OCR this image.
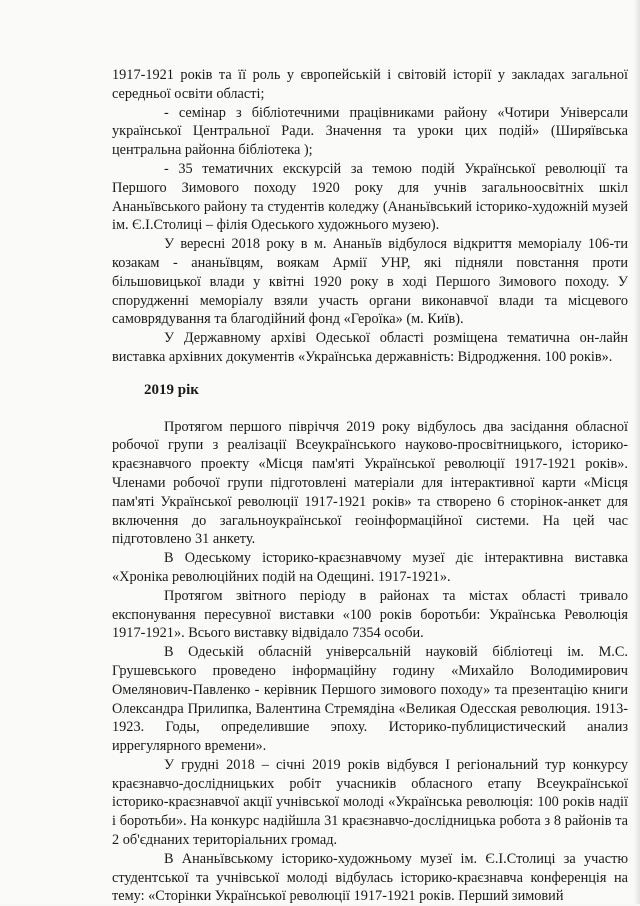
1917-1921 років та її роль у європейській і світовій історії у закладах загальної середньої освіти області;

- семінар з бібліотечними працівниками району «Чотири Універсали української Центральної Ради. Значення та уроки цих подій» (Ширяївська центральна районна бібліотека );

- 35 тематичних екскурсій за темою подій Української революції та Першого Зимового походу 1920 року для учнів загальноосвітніх шкіл Ананьївського району та студентів коледжу (Ананьївський історико-художній музей ім. Є.І.Столиці – філія Одеського художнього музею).

У вересні 2018 року в м. Ананьїв відбулося відкриття меморіалу 106-ти козакам - ананьївцям, воякам Армії УНР, які підняли повстання проти більшовицької влади у квітні 1920 року в ході Першого Зимового походу. У спорудженні меморіалу взяли участь органи виконавчої влади та місцевого самоврядування та благодійний фонд «Героїка» (м. Київ).

У Державному архіві Одеської області розміщена тематична он-лайн виставка архівних документів «Українська державність: Відродження. 100 років».

2019 рік

Протягом першого півріччя 2019 року відбулось два засідання обласної робочої групи з реалізації Всеукраїнського науково-просвітницького, історико-краєзнавчого проекту «Місця пам'яті Української революції 1917-1921 років». Членами робочої групи підготовлені матеріали для інтерактивної карти «Місця пам'яті Української революції 1917-1921 років» та створено 6 сторінок-анкет для включення до загальноукраїнської геоінформаційної системи. На цей час підготовлено 31 анкету.

В Одеському історико-краєзнавчому музеї діє інтерактивна виставка «Хроніка революційних подій на Одещині. 1917-1921».

Протягом звітного періоду в районах та містах області тривало експонування пересувної виставки «100 років боротьби: Українська Революція 1917-1921». Всього виставку відвідало 7354 особи.

В Одеській обласній універсальній науковій бібліотеці ім. М.С. Грушевського проведено інформаційну годину «Михайло Володимирович Омелянович-Павленко - керівник Першого зимового походу» та презентацію книги Олександра Прилипка, Валентина Стремядіна «Великая Одесская революция. 1913-1923. Годы, определившие эпоху. Историко-публицистический анализ иррегулярного времени».

У грудні 2018 – січні 2019 років відбувся І регіональний тур конкурсу краєзнавчо-дослідницьких робіт учасників обласного етапу Всеукраїнської історико-краєзнавчої акції учнівської молоді «Українська революція: 100 років надії і боротьби». На конкурс надійшла 31 краєзнавчо-дослідницька робота з 8 районів та 2 об'єднаних територіальних громад.

В Ананьївському історико-художньому музеї ім. Є.І.Столиці за участю студентської та учнівської молоді відбулась історико-краєзнавча конференція на тему: «Сторінки Української революції 1917-1921 років. Перший зимовий
